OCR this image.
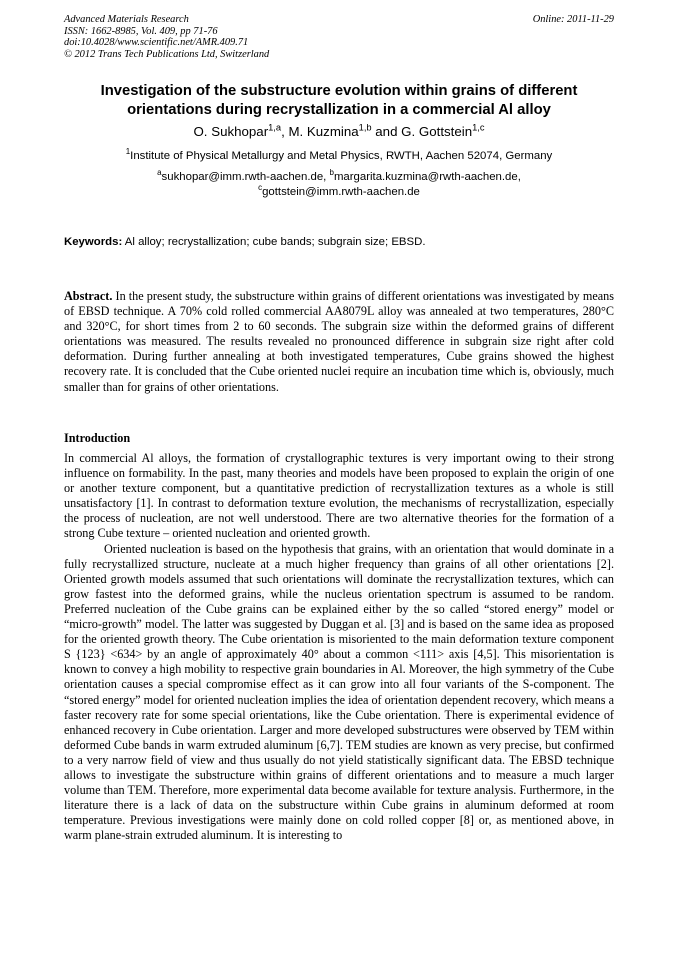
Advanced Materials Research
ISSN: 1662-8985, Vol. 409, pp 71-76
doi:10.4028/www.scientific.net/AMR.409.71
© 2012 Trans Tech Publications Ltd, Switzerland
Online: 2011-11-29
Investigation of the substructure evolution within grains of different
orientations during recrystallization in a commercial Al alloy
O. Sukhopar$^{1,a}$, M. Kuzmina$^{1,b}$ and G. Gottstein$^{1,c}$
$^1$Institute of Physical Metallurgy and Metal Physics, RWTH, Aachen 52074, Germany
$^a$sukhopar@imm.rwth-aachen.de, $^b$margarita.kuzmina@rwth-aachen.de,
$^c$gottstein@imm.rwth-aachen.de
Keywords: Al alloy; recrystallization; cube bands; subgrain size; EBSD.

Abstract. In the present study, the substructure within grains of different orientations was investigated by means of EBSD technique. A 70% cold rolled commercial AA8079L alloy was annealed at two temperatures, 280°C and 320°C, for short times from 2 to 60 seconds. The subgrain size within the deformed grains of different orientations was measured. The results revealed no pronounced difference in subgrain size right after cold deformation. During further annealing at both investigated temperatures, Cube grains showed the highest recovery rate. It is concluded that the Cube oriented nuclei require an incubation time which is, obviously, much smaller than for grains of other orientations.

Introduction

In commercial Al alloys, the formation of crystallographic textures is very important owing to their strong influence on formability. In the past, many theories and models have been proposed to explain the origin of one or another texture component, but a quantitative prediction of recrystallization textures as a whole is still unsatisfactory [1]. In contrast to deformation texture evolution, the mechanisms of recrystallization, especially the process of nucleation, are not well understood. There are two alternative theories for the formation of a strong Cube texture – oriented nucleation and oriented growth.

Oriented nucleation is based on the hypothesis that grains, with an orientation that would dominate in a fully recrystallized structure, nucleate at a much higher frequency than grains of all other orientations [2]. Oriented growth models assumed that such orientations will dominate the recrystallization textures, which can grow fastest into the deformed grains, while the nucleus orientation spectrum is assumed to be random. Preferred nucleation of the Cube grains can be explained either by the so called “stored energy” model or “micro-growth” model. The latter was suggested by Duggan et al. [3] and is based on the same idea as proposed for the oriented growth theory. The Cube orientation is misoriented to the main deformation texture component S {123} <634> by an angle of approximately 40° about a common <111> axis [4,5]. This misorientation is known to convey a high mobility to respective grain boundaries in Al. Moreover, the high symmetry of the Cube orientation causes a special compromise effect as it can grow into all four variants of the S-component. The “stored energy” model for oriented nucleation implies the idea of orientation dependent recovery, which means a faster recovery rate for some special orientations, like the Cube orientation. There is experimental evidence of enhanced recovery in Cube orientation. Larger and more developed substructures were observed by TEM within deformed Cube bands in warm extruded aluminum [6,7]. TEM studies are known as very precise, but confirmed to a very narrow field of view and thus usually do not yield statistically significant data. The EBSD technique allows to investigate the substructure within grains of different orientations and to measure a much larger volume than TEM. Therefore, more experimental data become available for texture analysis. Furthermore, in the literature there is a lack of data on the substructure within Cube grains in aluminum deformed at room temperature. Previous investigations were mainly done on cold rolled copper [8] or, as mentioned above, in warm plane-strain extruded aluminum. It is interesting to
